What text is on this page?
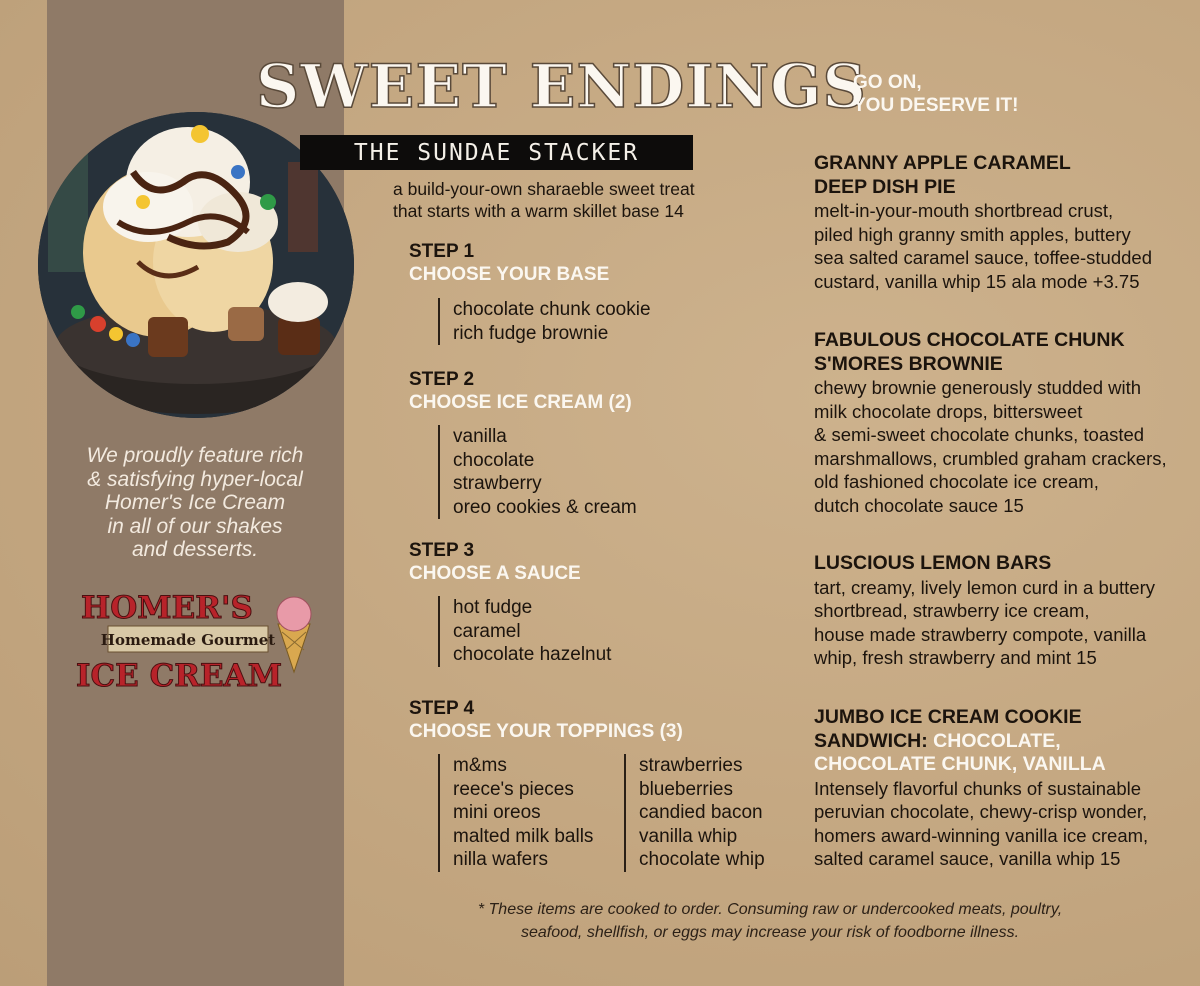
We proudly feature rich
& satisfying hyper-local
Homer's Ice Cream
in all of our shakes
and desserts.
HOMER'S
Homemade Gourmet
ICE CREAM
SWEET ENDINGS
GO ON,
YOU DESERVE IT!
THE SUNDAE STACKER
a build-your-own sharaeble sweet treat
that starts with a warm skillet base 14
STEP 1
CHOOSE YOUR BASE
chocolate chunk cookie
rich fudge brownie
STEP 2
CHOOSE ICE CREAM (2)
vanilla
chocolate
strawberry
oreo cookies & cream
STEP 3
CHOOSE A SAUCE
hot fudge
caramel
chocolate hazelnut
STEP 4
CHOOSE YOUR TOPPINGS (3)
m&ms
reece's pieces
mini oreos
malted milk balls
nilla wafers
strawberries
blueberries
candied bacon
vanilla whip
chocolate whip
GRANNY APPLE CARAMEL
DEEP DISH PIE
melt-in-your-mouth shortbread crust,
piled high granny smith apples, buttery
sea salted caramel sauce, toffee-studded
custard, vanilla whip 15 ala mode +3.75
FABULOUS CHOCOLATE CHUNK
S'MORES BROWNIE
chewy brownie generously studded with
milk chocolate drops, bittersweet
& semi-sweet chocolate chunks, toasted
marshmallows, crumbled graham crackers,
old fashioned chocolate ice cream,
dutch chocolate sauce 15
LUSCIOUS LEMON BARS
tart, creamy, lively lemon curd in a buttery
shortbread, strawberry ice cream,
house made strawberry compote, vanilla
whip, fresh strawberry and mint 15
JUMBO ICE CREAM COOKIE
SANDWICH: CHOCOLATE,
CHOCOLATE CHUNK, VANILLA
Intensely flavorful chunks of sustainable
peruvian chocolate, chewy-crisp wonder,
homers award-winning vanilla ice cream,
salted caramel sauce, vanilla whip 15
* These items are cooked to order. Consuming raw or undercooked meats, poultry,
seafood, shellfish, or eggs may increase your risk of foodborne illness.
